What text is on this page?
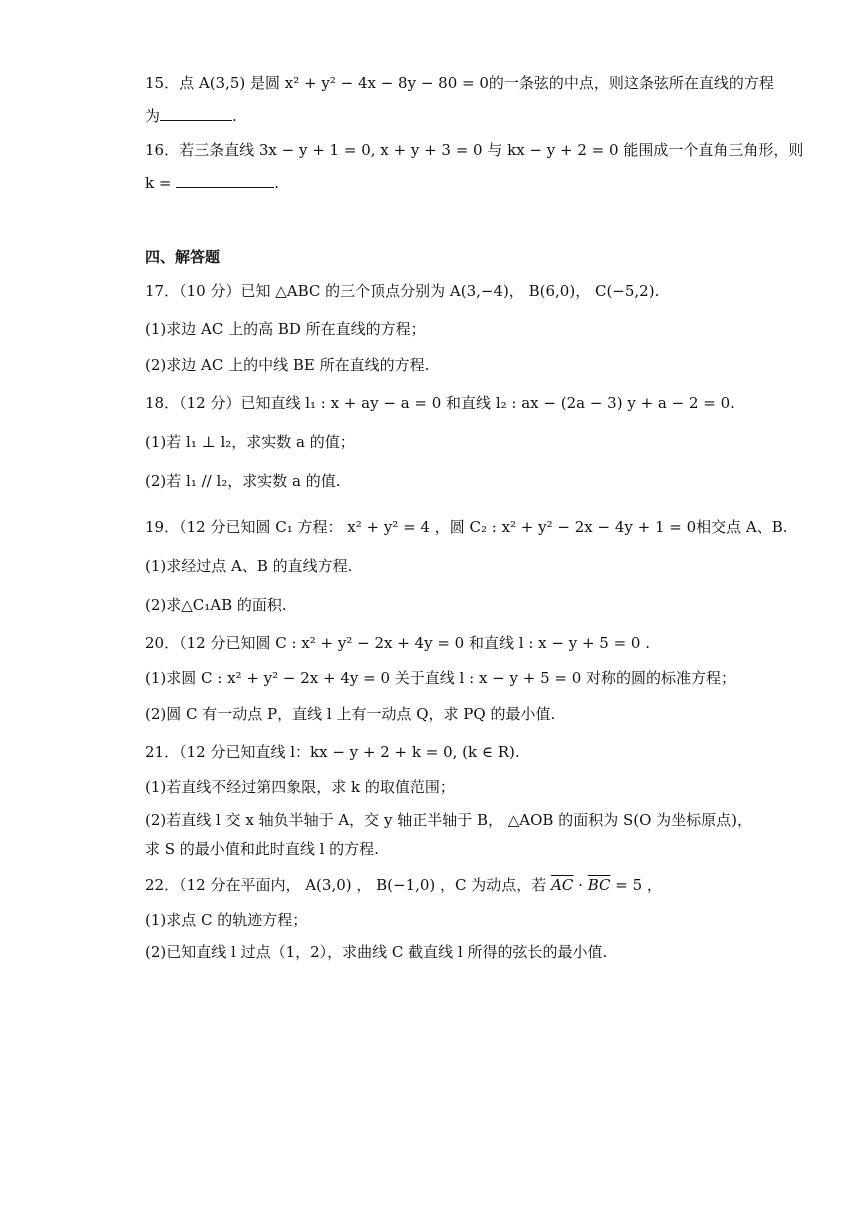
15．点 A(3,5) 是圆 x² + y² − 4x − 8y − 80 = 0的一条弦的中点，则这条弦所在直线的方程
为	.
16．若三条直线 3x − y + 1 = 0, x + y + 3 = 0 与 kx − y + 2 = 0 能围成一个直角三角形，则
k =	.
四、解答题
17．（10 分）已知 △ABC 的三个顶点分别为 A(3,−4)， B(6,0)， C(−5,2).
(1)求边 AC 上的高 BD 所在直线的方程；
(2)求边 AC 上的中线 BE 所在直线的方程.
18．（12 分）已知直线 l₁ : x + ay − a = 0 和直线 l₂ : ax − (2a − 3) y + a − 2 = 0.
(1)若 l₁ ⊥ l₂，求实数 a 的值；
(2)若 l₁ // l₂，求实数 a 的值.
19．（12 分已知圆 C₁ 方程： x² + y² = 4 ，圆 C₂ : x² + y² − 2x − 4y + 1 = 0相交点 A、B.
(1)求经过点 A、B 的直线方程.
(2)求△C₁AB 的面积.
20．（12 分已知圆 C : x² + y² − 2x + 4y = 0 和直线 l : x − y + 5 = 0 .
(1)求圆 C : x² + y² − 2x + 4y = 0 关于直线 l : x − y + 5 = 0 对称的圆的标准方程；
(2)圆 C 有一动点 P，直线 l 上有一动点 Q，求 PQ 的最小值.
21．（12 分已知直线 l：kx − y + 2 + k = 0, (k ∈ R).
(1)若直线不经过第四象限，求 k 的取值范围；
(2)若直线 l 交 x 轴负半轴于 A，交 y 轴正半轴于 B， △AOB 的面积为 S(O 为坐标原点)，
求 S 的最小值和此时直线 l 的方程.
22．（12 分在平面内， A(3,0) ， B(−1,0) ，C 为动点，若 $\overline{AC} \cdot \overline{BC} = 5$ ，
(1)求点 C 的轨迹方程；
(2)已知直线 l 过点（1，2），求曲线 C 截直线 l 所得的弦长的最小值.
